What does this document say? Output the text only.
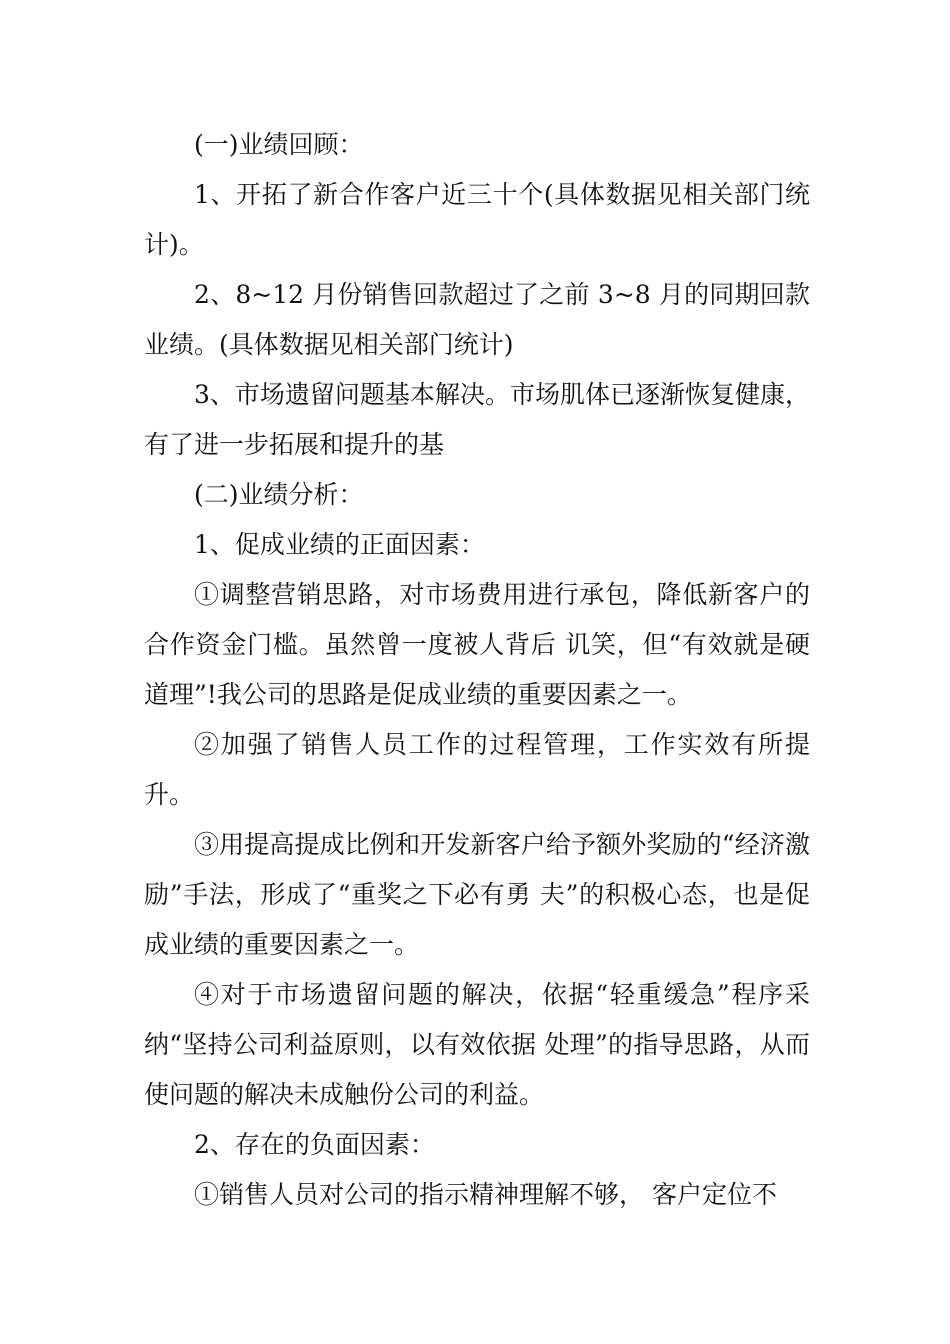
(一)业绩回顾：

1、开拓了新合作客户近三十个(具体数据见相关部门统计)。

2、8~12 月份销售回款超过了之前 3~8 月的同期回款业绩。(具体数据见相关部门统计)

3、市场遗留问题基本解决。市场肌体已逐渐恢复健康，有了进一步拓展和提升的基

(二)业绩分析：

1、促成业绩的正面因素：

①调整营销思路，对市场费用进行承包，降低新客户的合作资金门槛。虽然曾一度被人背后 讥笑，但“有效就是硬道理”!我公司的思路是促成业绩的重要因素之一。

②加强了销售人员工作的过程管理，工作实效有所提升。

③用提高提成比例和开发新客户给予额外奖励的“经济激励”手法，形成了“重奖之下必有勇 夫”的积极心态，也是促成业绩的重要因素之一。

④对于市场遗留问题的解决，依据“轻重缓急”程序采纳“坚持公司利益原则，以有效依据 处理”的指导思路，从而使问题的解决未成触份公司的利益。

2、存在的负面因素：

①销售人员对公司的指示精神理解不够， 客户定位不
